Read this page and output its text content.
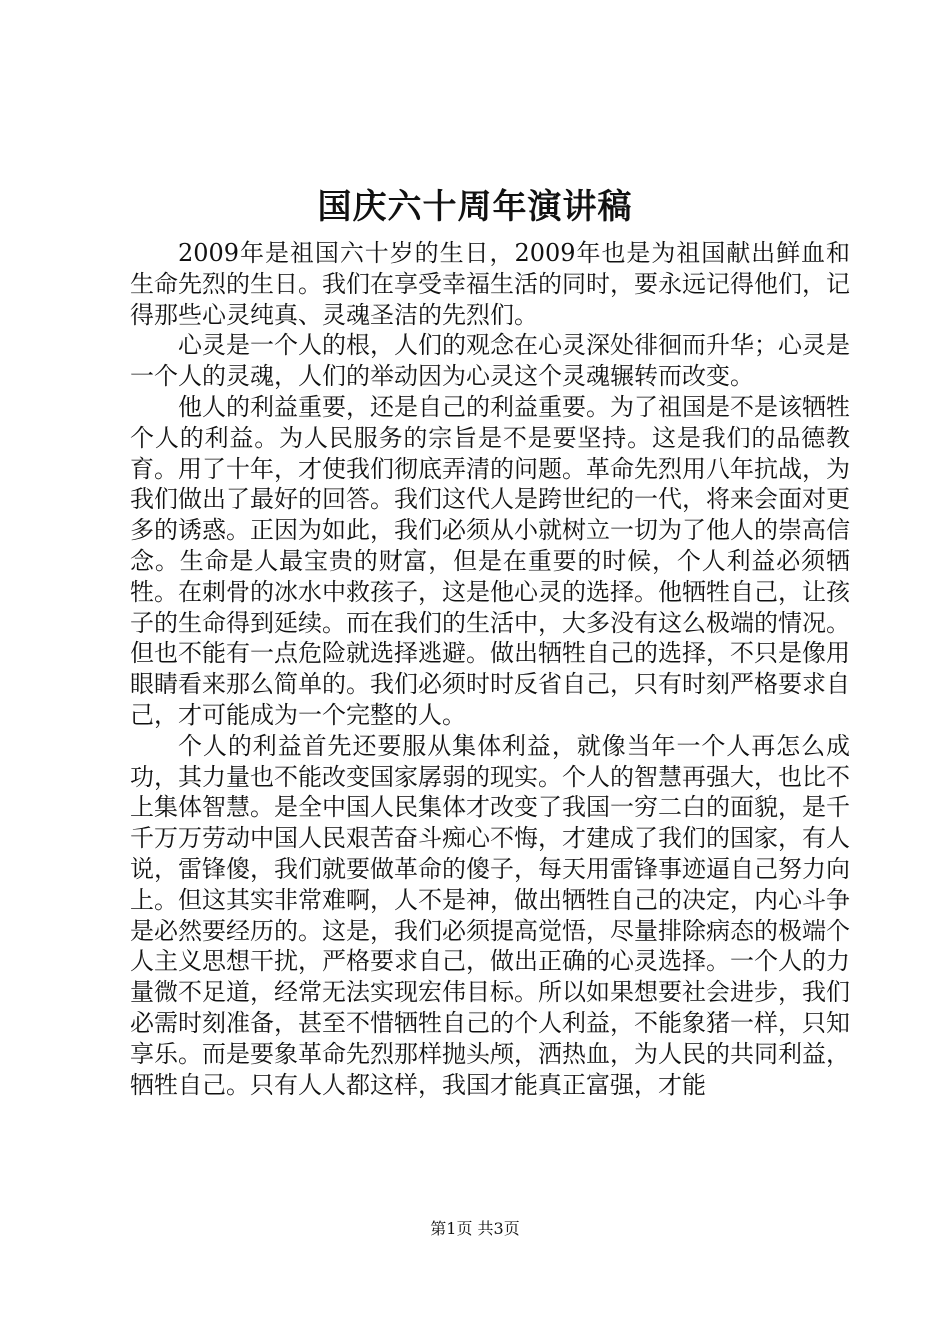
国庆六十周年演讲稿

2009年是祖国六十岁的生日，2009年也是为祖国献出鲜血和生命先烈的生日。我们在享受幸福生活的同时，要永远记得他们，记得那些心灵纯真、灵魂圣洁的先烈们。

心灵是一个人的根，人们的观念在心灵深处徘徊而升华；心灵是一个人的灵魂，人们的举动因为心灵这个灵魂辗转而改变。

他人的利益重要，还是自己的利益重要。为了祖国是不是该牺牲个人的利益。为人民服务的宗旨是不是要坚持。这是我们的品德教育。用了十年，才使我们彻底弄清的问题。革命先烈用八年抗战，为我们做出了最好的回答。我们这代人是跨世纪的一代，将来会面对更多的诱惑。正因为如此，我们必须从小就树立一切为了他人的崇高信念。生命是人最宝贵的财富，但是在重要的时候，个人利益必须牺牲。在刺骨的冰水中救孩子，这是他心灵的选择。他牺牲自己，让孩子的生命得到延续。而在我们的生活中，大多没有这么极端的情况。但也不能有一点危险就选择逃避。做出牺牲自己的选择，不只是像用眼睛看来那么简单的。我们必须时时反省自己，只有时刻严格要求自己，才可能成为一个完整的人。

个人的利益首先还要服从集体利益，就像当年一个人再怎么成功，其力量也不能改变国家孱弱的现实。个人的智慧再强大，也比不上集体智慧。是全中国人民集体才改变了我国一穷二白的面貌，是千千万万劳动中国人民艰苦奋斗痴心不悔，才建成了我们的国家，有人说，雷锋傻，我们就要做革命的傻子，每天用雷锋事迹逼自己努力向上。但这其实非常难啊，人不是神，做出牺牲自己的决定，内心斗争是必然要经历的。这是，我们必须提高觉悟，尽量排除病态的极端个人主义思想干扰，严格要求自己，做出正确的心灵选择。一个人的力量微不足道，经常无法实现宏伟目标。所以如果想要社会进步，我们必需时刻准备，甚至不惜牺牲自己的个人利益，不能象猪一样，只知享乐。而是要象革命先烈那样抛头颅，洒热血，为人民的共同利益，牺牲自己。只有人人都这样，我国才能真正富强，才能

第1页 共3页
